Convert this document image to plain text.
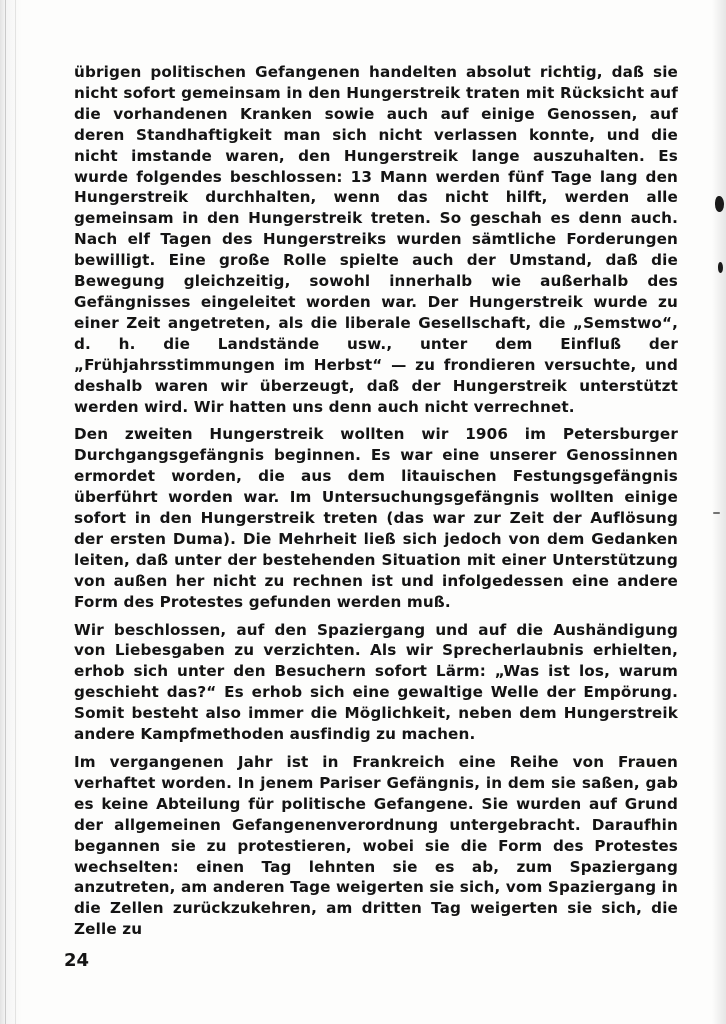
übrigen politischen Gefangenen handelten absolut richtig, daß sie nicht sofort gemeinsam in den Hungerstreik traten mit Rücksicht auf die vorhandenen Kranken sowie auch auf einige Genossen, auf deren Standhaftigkeit man sich nicht verlassen konnte, und die nicht imstande waren, den Hungerstreik lange auszuhalten. Es wurde folgendes beschlossen: 13 Mann werden fünf Tage lang den Hungerstreik durchhalten, wenn das nicht hilft, werden alle gemeinsam in den Hungerstreik treten. So geschah es denn auch. Nach elf Tagen des Hungerstreiks wurden sämtliche Forderungen bewilligt. Eine große Rolle spielte auch der Umstand, daß die Bewegung gleichzeitig, sowohl innerhalb wie außerhalb des Gefängnisses eingeleitet worden war. Der Hungerstreik wurde zu einer Zeit angetreten, als die liberale Gesellschaft, die „Semstwo“, d. h. die Landstände usw., unter dem Einfluß der „Frühjahrsstimmungen im Herbst“ — zu frondieren versuchte, und deshalb waren wir überzeugt, daß der Hungerstreik unterstützt werden wird. Wir hatten uns denn auch nicht verrechnet.

Den zweiten Hungerstreik wollten wir 1906 im Petersburger Durchgangsgefängnis beginnen. Es war eine unserer Genossinnen ermordet worden, die aus dem litauischen Festungsgefängnis überführt worden war. Im Untersuchungsgefängnis wollten einige sofort in den Hungerstreik treten (das war zur Zeit der Auflösung der ersten Duma). Die Mehrheit ließ sich jedoch von dem Gedanken leiten, daß unter der bestehenden Situation mit einer Unterstützung von außen her nicht zu rechnen ist und infolgedessen eine andere Form des Protestes gefunden werden muß.

Wir beschlossen, auf den Spaziergang und auf die Aushändigung von Liebesgaben zu verzichten. Als wir Sprecherlaubnis erhielten, erhob sich unter den Besuchern sofort Lärm: „Was ist los, warum geschieht das?“ Es erhob sich eine gewaltige Welle der Empörung. Somit besteht also immer die Möglichkeit, neben dem Hungerstreik andere Kampfmethoden ausfindig zu machen.

Im vergangenen Jahr ist in Frankreich eine Reihe von Frauen verhaftet worden. In jenem Pariser Gefängnis, in dem sie saßen, gab es keine Abteilung für politische Gefangene. Sie wurden auf Grund der allgemeinen Gefangenenverordnung untergebracht. Daraufhin begannen sie zu protestieren, wobei sie die Form des Protestes wechselten: einen Tag lehnten sie es ab, zum Spaziergang anzutreten, am anderen Tage weigerten sie sich, vom Spaziergang in die Zellen zurückzukehren, am dritten Tag weigerten sie sich, die Zelle zu

24
